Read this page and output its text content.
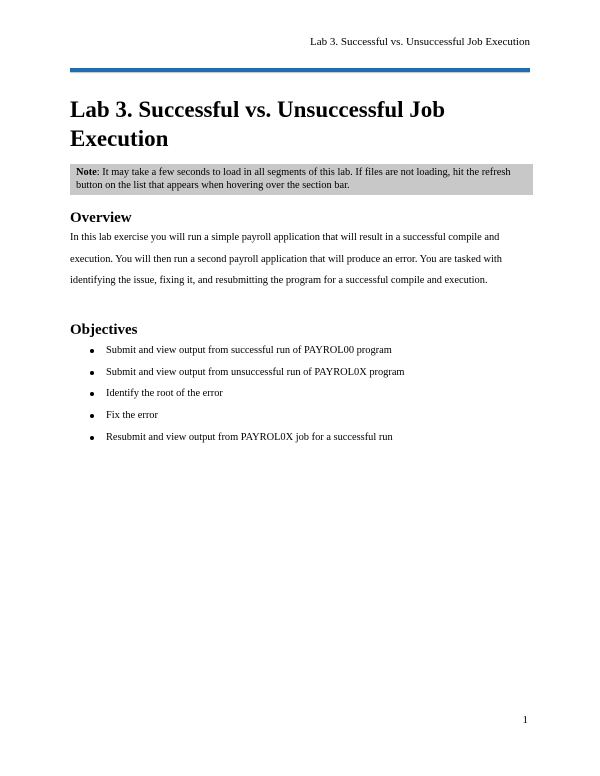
Lab 3. Successful vs. Unsuccessful Job Execution
Lab 3. Successful vs. Unsuccessful Job Execution
Note: It may take a few seconds to load in all segments of this lab. If files are not loading, hit the refresh button on the list that appears when hovering over the section bar.
Overview

In this lab exercise you will run a simple payroll application that will result in a successful compile and execution. You will then run a second payroll application that will produce an error. You are tasked with identifying the issue, fixing it, and resubmitting the program for a successful compile and execution.

Objectives
Submit and view output from successful run of PAYROL00 program
Submit and view output from unsuccessful run of PAYROL0X program
Identify the root of the error
Fix the error
Resubmit and view output from PAYROL0X job for a successful run
1
